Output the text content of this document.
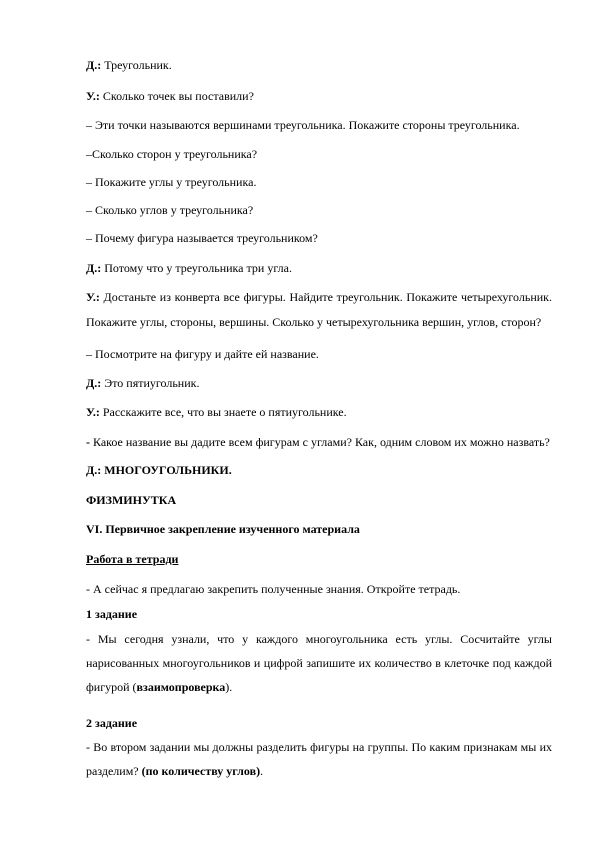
Д.: Треугольник.
У.: Сколько точек вы поставили?
– Эти точки называются вершинами треугольника. Покажите стороны треугольника.
–Сколько сторон у треугольника?
– Покажите углы у треугольника.
– Сколько углов у треугольника?
– Почему фигура называется треугольником?
Д.: Потому что у треугольника три угла.
У.: Достаньте из конверта все фигуры. Найдите треугольник. Покажите четырехугольник.
Покажите углы, стороны, вершины. Сколько у четырехугольника вершин, углов, сторон?
– Посмотрите на фигуру и дайте ей название.
Д.: Это пятиугольник.
У.: Расскажите все, что вы знаете о пятиугольнике.
- Какое название вы дадите всем фигурам с углами? Как, одним словом их можно назвать?
Д.: МНОГОУГОЛЬНИКИ.
ФИЗМИНУТКА
VI. Первичное закрепление изученного материала
Работа в тетради
- А сейчас я предлагаю закрепить полученные знания. Откройте тетрадь.
1 задание
- Мы сегодня узнали, что у каждого многоугольника есть углы. Сосчитайте углы
нарисованных многоугольников и цифрой запишите их количество в клеточке под каждой
фигурой (взаимопроверка).
2 задание
- Во втором задании мы должны разделить фигуры на группы. По каким признакам мы их
разделим? (по количеству углов).
